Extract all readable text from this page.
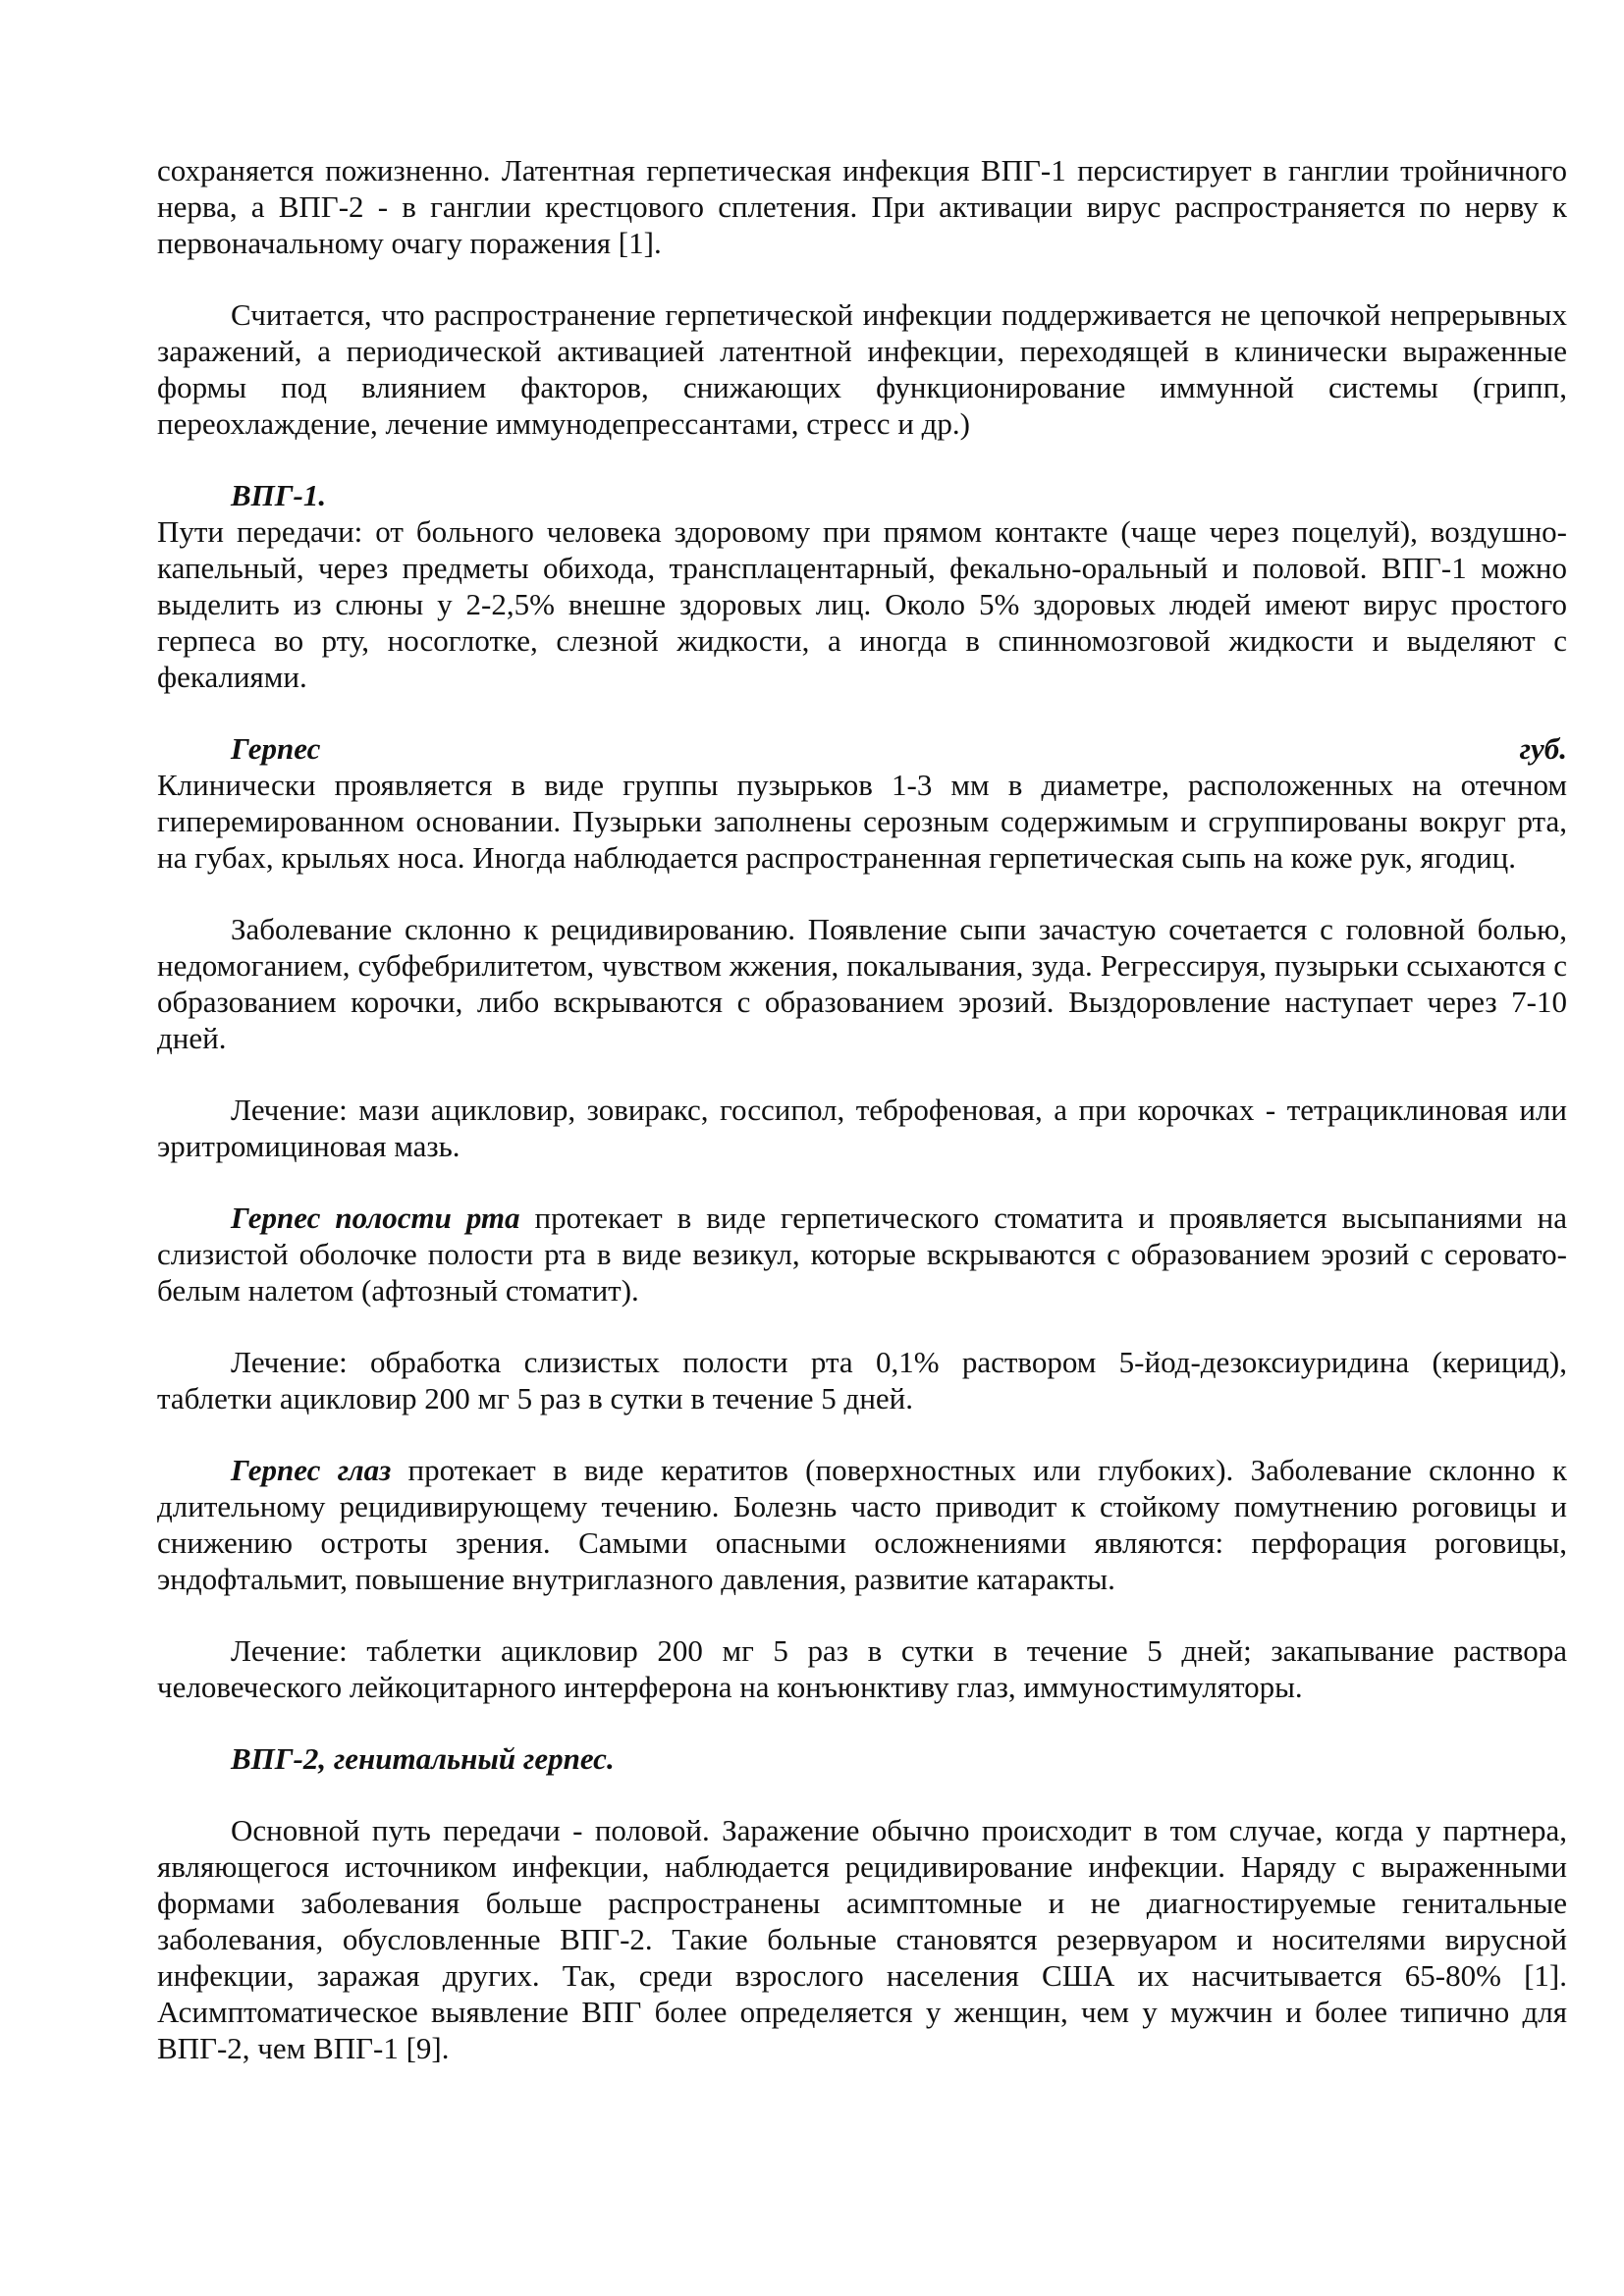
сохраняется пожизненно. Латентная герпетическая инфекция ВПГ-1 персистирует в ганглии тройничного нерва, а ВПГ-2 - в ганглии крестцового сплетения. При активации вирус распространяется по нерву к первоначальному очагу поражения [1].

Считается, что распространение герпетической инфекции поддерживается не цепочкой непрерывных заражений, а периодической активацией латентной инфекции, переходящей в клинически выраженные формы под влиянием факторов, снижающих функционирование иммунной системы (грипп, переохлаждение, лечение иммунодепрессантами, стресс и др.)

ВПГ-1.

Пути передачи: от больного человека здоровому при прямом контакте (чаще через поцелуй), воздушно-капельный, через предметы обихода, трансплацентарный, фекально-оральный и половой. ВПГ-1 можно выделить из слюны у 2-2,5% внешне здоровых лиц. Около 5% здоровых людей имеют вирус простого герпеса во рту, носоглотке, слезной жидкости, а иногда в спинномозговой жидкости и выделяют с фекалиями.

Герпес	губ.

Клинически проявляется в виде группы пузырьков 1-3 мм в диаметре, расположенных на отечном гиперемированном основании. Пузырьки заполнены серозным содержимым и сгруппированы вокруг рта, на губах, крыльях носа. Иногда наблюдается распространенная герпетическая сыпь на коже рук, ягодиц.

Заболевание склонно к рецидивированию. Появление сыпи зачастую сочетается с головной болью, недомоганием, субфебрилитетом, чувством жжения, покалывания, зуда. Регрессируя, пузырьки ссыхаются с образованием корочки, либо вскрываются с образованием эрозий. Выздоровление наступает через 7-10 дней.

Лечение: мази ацикловир, зовиракс, госсипол, теброфеновая, а при корочках - тетрациклиновая или эритромициновая мазь.

Герпес полости рта протекает в виде герпетического стоматита и проявляется высыпаниями на слизистой оболочке полости рта в виде везикул, которые вскрываются с образованием эрозий с серовато-белым налетом (афтозный стоматит).

Лечение: обработка слизистых полости рта 0,1% раствором 5-йод-дезоксиуридина (керицид), таблетки ацикловир 200 мг 5 раз в сутки в течение 5 дней.

Герпес глаз протекает в виде кератитов (поверхностных или глубоких). Заболевание склонно к длительному рецидивирующему течению. Болезнь часто приводит к стойкому помутнению роговицы и снижению остроты зрения. Самыми опасными осложнениями являются: перфорация роговицы, эндофтальмит, повышение внутриглазного давления, развитие катаракты.

Лечение: таблетки ацикловир 200 мг 5 раз в сутки в течение 5 дней; закапывание раствора человеческого лейкоцитарного интерферона на конъюнктиву глаз, иммуностимуляторы.

ВПГ-2, генитальный герпес.

Основной путь передачи - половой. Заражение обычно происходит в том случае, когда у партнера, являющегося источником инфекции, наблюдается рецидивирование инфекции. Наряду с выраженными формами заболевания больше распространены асимптомные и не диагностируемые генитальные заболевания, обусловленные ВПГ-2. Такие больные становятся резервуаром и носителями вирусной инфекции, заражая других. Так, среди взрослого населения США их насчитывается 65-80% [1]. Асимптоматическое выявление ВПГ более определяется у женщин, чем у мужчин и более типично для ВПГ-2, чем ВПГ-1 [9].
